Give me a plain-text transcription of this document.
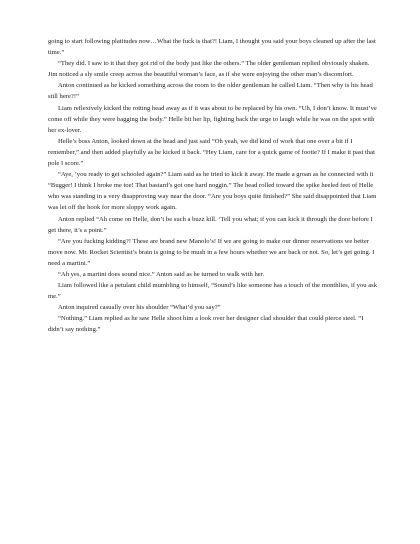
going to start following platitudes now…What the fuck is that?! Liam, I thought you said your boys cleaned up after the last time.”

“They did. I saw to it that they got rid of the body just like the others.” The older gentleman replied obviously shaken. Jim noticed a sly smile creep across the beautiful woman’s face, as if she were enjoying the other man’s discomfort.

Anton continued as he kicked something across the room to the older gentleman he called Liam. “Then why is his head still here?!”

Liam reflexively kicked the rotting head away as if it was about to be replaced by his own. “Uh, I don’t know. It must’ve come off while they were bagging the body.” Helle bit her lip, fighting back the urge to laugh while he was on the spot with her ex-lover.

Helle’s boss Anton, looked down at the head and just said “Oh yeah, we did kind of work that one over a bit if I remember,” and then added playfully as he kicked it back. “Hey Liam, care for a quick game of footie? If I make it past that pole I score.”

“Aye, ’you ready to get schooled again?” Liam said as he tried to kick it away. He made a groan as he connected with it “Bugger! I think I broke me toe! That bastard’s got one hard noggin.” The head rolled toward the spike heeled feet of Helle who was standing in a very disapproving way near the door. “Are you boys quite finished?” She said disappointed that Liam was let off the hook for more sloppy work again.

Anton replied “Ah come on Helle, don’t be such a buzz kill. ‘Tell you what; if you can kick it through the door before I get there, it’s a point.”

“Are you fucking kidding?! These are brand new Manolo’s! If we are going to make our dinner reservations we better move now. Mr. Rocket Scientist’s brain is going to be mush in a few hours whether we are back or not. So, let’s get going. I need a martini.”

“Ah yes, a martini does sound nice.” Anton said as he turned to walk with her.

Liam followed like a petulant child mumbling to himself, “Sound’s like someone has a touch of the monthlies, if you ask me.”

Anton inquired casually over his shoulder “What’d you say?”

“Nothing.” Liam replied as he saw Helle shoot him a look over her designer clad shoulder that could pierce steel. “I didn’t say nothing.”
